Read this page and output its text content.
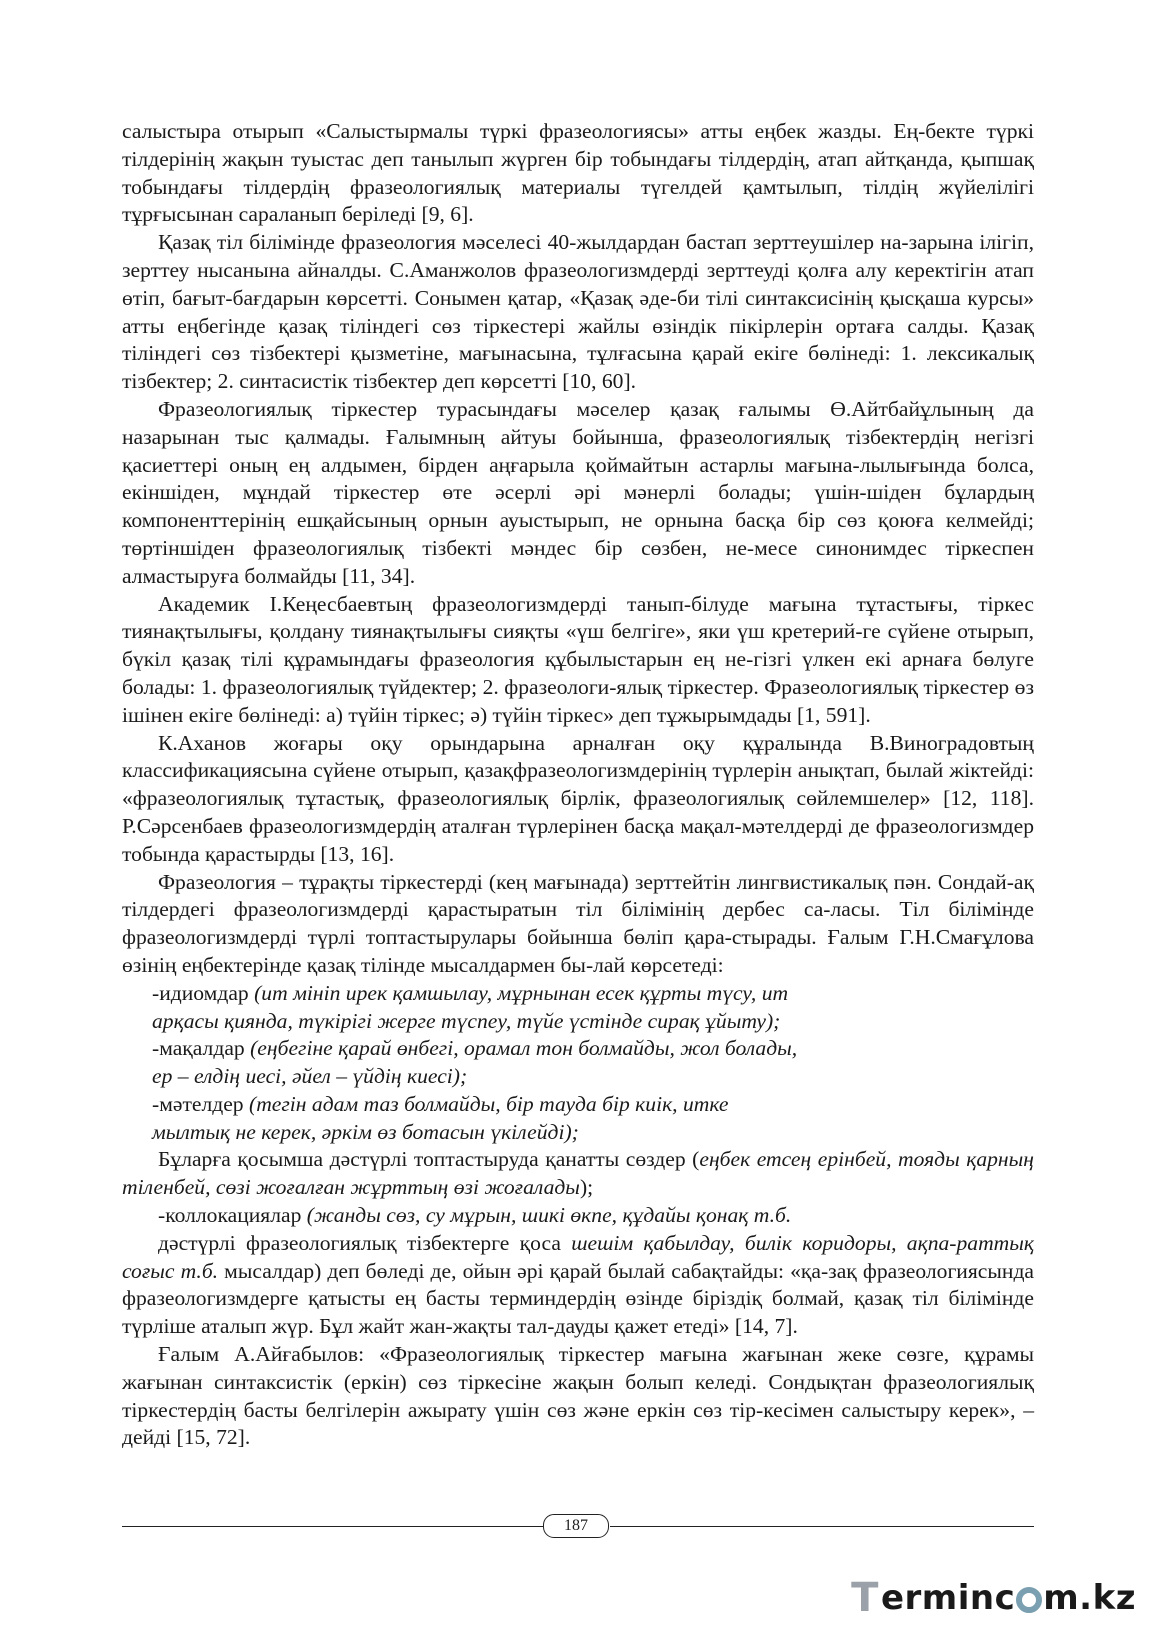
салыстыра отырып «Салыстырмалы түркі фразеологиясы» атты еңбек жазды. Ең-бекте түркі тілдерінің жақын туыстас деп танылып жүрген бір тобындағы тілдердің, атап айтқанда, қыпшақ тобындағы тілдердің фразеологиялық материалы түгелдей қамтылып, тілдің жүйелілігі тұрғысынан сараланып беріледі [9, 6].

Қазақ тіл білімінде фразеология мәселесі 40-жылдардан бастап зерттеушілер на-зарына ілігіп, зерттеу нысанына айналды. С.Аманжолов фразеологизмдерді зерттеуді қолға алу керектігін атап өтіп, бағыт-бағдарын көрсетті. Сонымен қатар, «Қазақ әде-би тілі синтаксисінің қысқаша курсы» атты еңбегінде қазақ тіліндегі сөз тіркестері жайлы өзіндік пікірлерін ортаға салды. Қазақ тіліндегі сөз тізбектері қызметіне, мағынасына, тұлғасына қарай екіге бөлінеді: 1. лексикалық тізбектер; 2. синтасистік тізбектер деп көрсетті [10, 60].

Фразеологиялық тіркестер турасындағы мәселер қазақ ғалымы Ө.Айтбайұлының да назарынан тыс қалмады. Ғалымның айтуы бойынша, фразеологиялық тізбектердің негізгі қасиеттері оның ең алдымен, бірден аңғарыла қоймайтын астарлы мағына-лылығында болса, екіншіден, мұндай тіркестер өте әсерлі әрі мәнерлі болады; үшін-шіден бұлардың компоненттерінің ешқайсының орнын ауыстырып, не орнына басқа бір сөз қоюға келмейді; төртіншіден фразеологиялық тізбекті мәндес бір сөзбен, не-месе синонимдес тіркеспен алмастыруға болмайды [11, 34].

Академик І.Кеңесбаевтың фразеологизмдерді танып-білуде мағына тұтастығы, тіркес тиянақтылығы, қолдану тиянақтылығы сияқты «үш белгіге», яки үш кретерий-ге сүйене отырып, бүкіл қазақ тілі құрамындағы фразеология құбылыстарын ең не-гізгі үлкен екі арнаға бөлуге болады: 1. фразеологиялық түйдектер; 2. фразеологи-ялық тіркестер. Фразеологиялық тіркестер өз ішінен екіге бөлінеді: а) түйін тіркес; ә) түйін тіркес» деп тұжырымдады [1, 591].

К.Аханов жоғары оқу орындарына арналған оқу құралында В.Виноградовтың классификациясына сүйене отырып, қазақфразеологизмдерінің түрлерін анықтап, былай жіктейді: «фразеологиялық тұтастық, фразеологиялық бірлік, фразеологиялық сөйлемшелер» [12, 118]. Р.Сәрсенбаев фразеологизмдердің аталған түрлерінен басқа мақал-мәтелдерді де фразеологизмдер тобында қарастырды [13, 16].

Фразеология – тұрақты тіркестерді (кең мағынада) зерттейтін лингвистикалық пән. Сондай-ақ тілдердегі фразеологизмдерді қарастыратын тіл білімінің дербес са-ласы. Тіл білімінде фразеологизмдерді түрлі топтастырулары бойынша бөліп қара-стырады. Ғалым Г.Н.Смағұлова өзінің еңбектерінде қазақ тілінде мысалдармен бы-лай көрсетеді:

-идиомдар (ит мініп ирек қамшылау, мұрнынан есек құрты түсу, ит

арқасы қиянда, түкірігі жерге түспеу, түйе үстінде сирақ ұйыту);

-мақалдар (еңбегіне қарай өнбегі, орамал тон болмайды, жол болады,

ер – елдің иесі, әйел – үйдің киесі);

-мәтелдер (тегін адам таз болмайды, бір тауда бір киік, итке

мылтық не керек, әркім өз ботасын үкілейді);

Бұларға қосымша дәстүрлі топтастыруда қанатты сөздер (еңбек етсең ерінбей, тояды қарның тіленбей, сөзі жоғалған жұрттың өзі жоғалады);

-коллокациялар (жанды сөз, су мұрын, шикі өкпе, құдайы қонақ т.б.

дәстүрлі фразеологиялық тізбектерге қоса шешім қабылдау, билік коридоры, ақпа-раттық соғыс т.б. мысалдар) деп бөледі де, ойын әрі қарай былай сабақтайды: «қа-зақ фразеологиясында фразеологизмдерге қатысты ең басты терминдердің өзінде біріздіқ болмай, қазақ тіл білімінде түрліше аталып жүр. Бұл жайт жан-жақты тал-дауды қажет етеді» [14, 7].

Ғалым А.Айғабылов: «Фразеологиялық тіркестер мағына жағынан жеке сөзге, құрамы жағынан синтаксистік (еркін) сөз тіркесіне жақын болып келеді. Сондықтан фразеологиялық тіркестердің басты белгілерін ажырату үшін сөз және еркін сөз тір-кесімен салыстыру керек», – дейді [15, 72].

187
T ermin c m.kz
